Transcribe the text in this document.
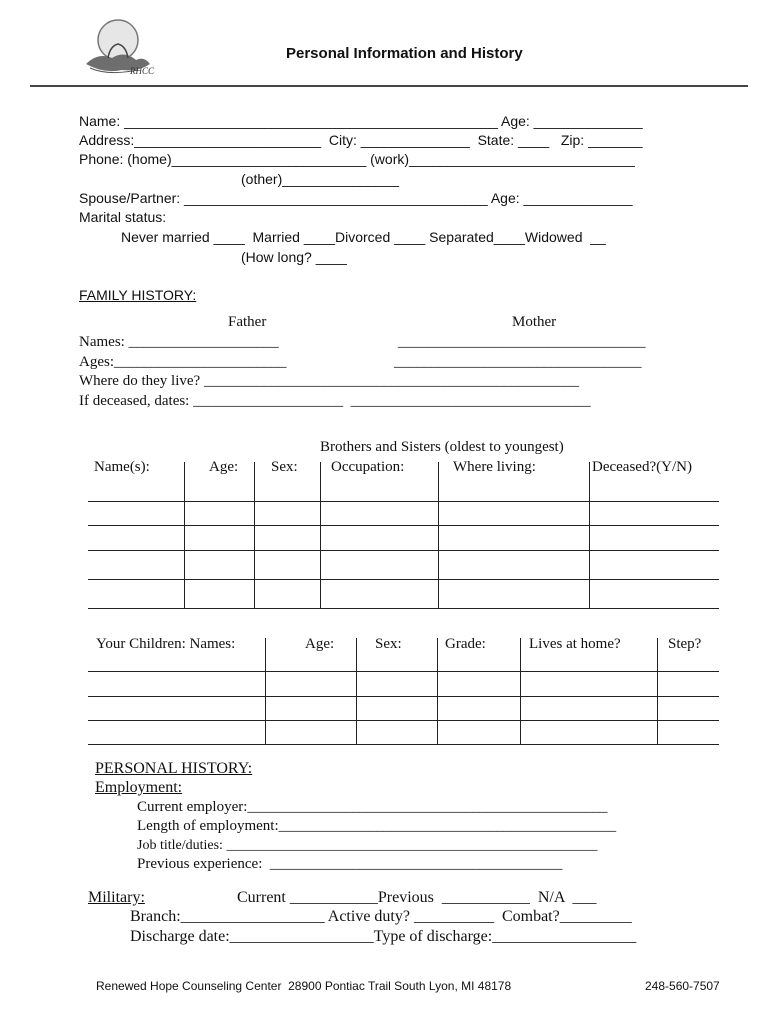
RHCC
Personal Information and History
Name: ________________________________________________ Age: ______________
Address:________________________  City: ______________  State: ____   Zip: _______
Phone: (home)_________________________ (work)_____________________________
(other)_______________
Spouse/Partner: _______________________________________ Age: ______________
Marital status:
Never married ____  Married ____Divorced ____ Separated____Widowed  __
(How long? ____
FAMILY HISTORY:
Father	Mother
Names: ____________________	_________________________________
Ages:_______________________	_________________________________
Where do they live? __________________________________________________
If deceased, dates: ____________________  ________________________________
Brothers and Sisters (oldest to youngest)
Name(s):	Age: Sex: Occupation:	Where living:	Deceased?(Y/N)
Your Children: Names:	Age:	Sex:	Grade:	Lives at home?	Step?
PERSONAL HISTORY:
Employment:
Current employer:________________________________________________
Length of employment:_____________________________________________
Job title/duties: _____________________________________________________
Previous experience:  _______________________________________
Military:	Current ___________Previous  ___________  N/A  ___
Branch:__________________ Active duty? __________  Combat?_________
Discharge date:__________________Type of discharge:__________________
Renewed Hope Counseling Center  28900 Pontiac Trail South Lyon, MI 48178	248-560-7507
